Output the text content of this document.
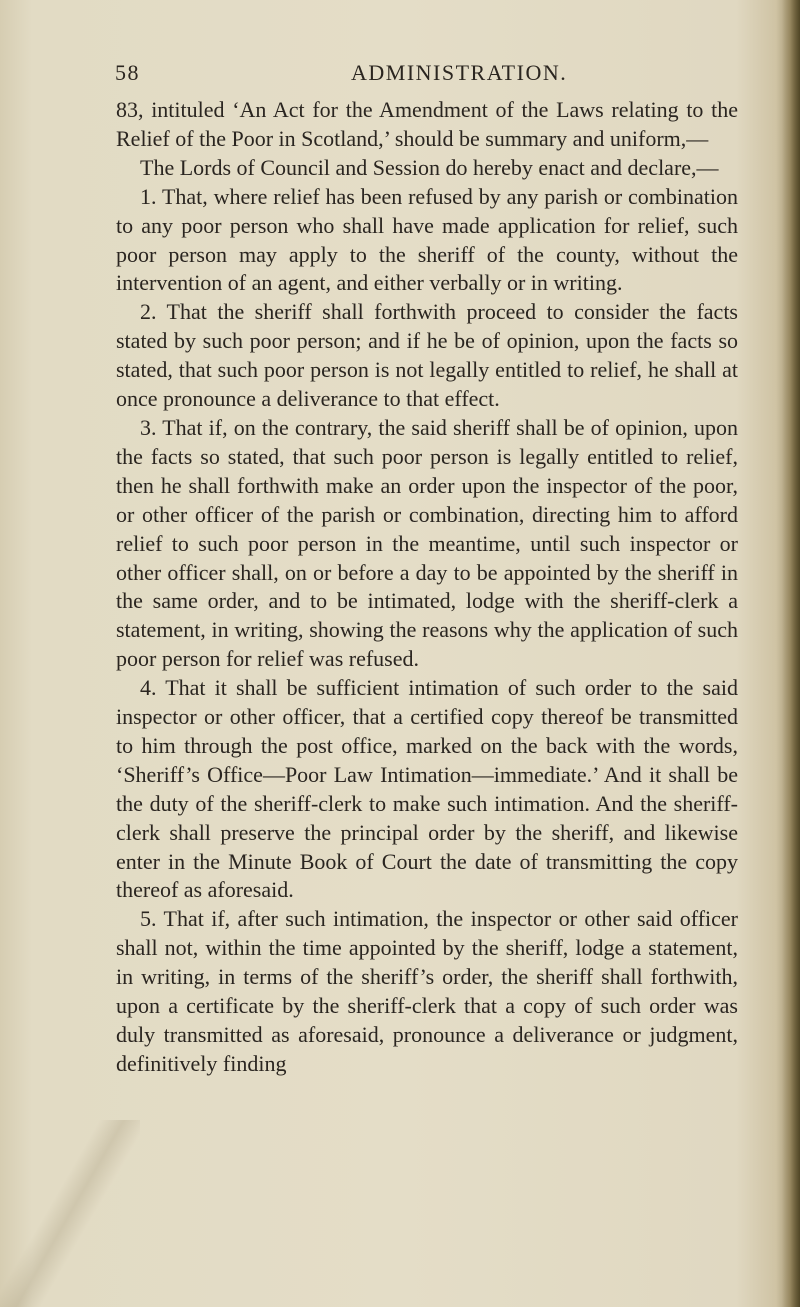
58	ADMINISTRATION.

83, intituled ‘An Act for the Amendment of the Laws relating to the Relief of the Poor in Scotland,’ should be summary and uniform,—

The Lords of Council and Session do hereby enact and declare,—

1. That, where relief has been refused by any parish or combination to any poor person who shall have made application for relief, such poor person may apply to the sheriff of the county, without the intervention of an agent, and either verbally or in writing.

2. That the sheriff shall forthwith proceed to consider the facts stated by such poor person; and if he be of opinion, upon the facts so stated, that such poor person is not legally entitled to relief, he shall at once pronounce a deliverance to that effect.

3. That if, on the contrary, the said sheriff shall be of opinion, upon the facts so stated, that such poor person is legally entitled to relief, then he shall forthwith make an order upon the inspector of the poor, or other officer of the parish or combination, directing him to afford relief to such poor person in the meantime, until such inspector or other officer shall, on or before a day to be appointed by the sheriff in the same order, and to be intimated, lodge with the sheriff-clerk a statement, in writing, showing the reasons why the application of such poor person for relief was refused.

4. That it shall be sufficient intimation of such order to the said inspector or other officer, that a certified copy thereof be transmitted to him through the post office, marked on the back with the words, ‘Sheriff’s Office—Poor Law Intimation—immediate.’ And it shall be the duty of the sheriff-clerk to make such intimation. And the sheriff-clerk shall preserve the principal order by the sheriff, and likewise enter in the Minute Book of Court the date of transmitting the copy thereof as aforesaid.

5. That if, after such intimation, the inspector or other said officer shall not, within the time appointed by the sheriff, lodge a statement, in writing, in terms of the sheriff’s order, the sheriff shall forthwith, upon a certificate by the sheriff-clerk that a copy of such order was duly transmitted as aforesaid, pronounce a deliverance or judgment, definitively finding
